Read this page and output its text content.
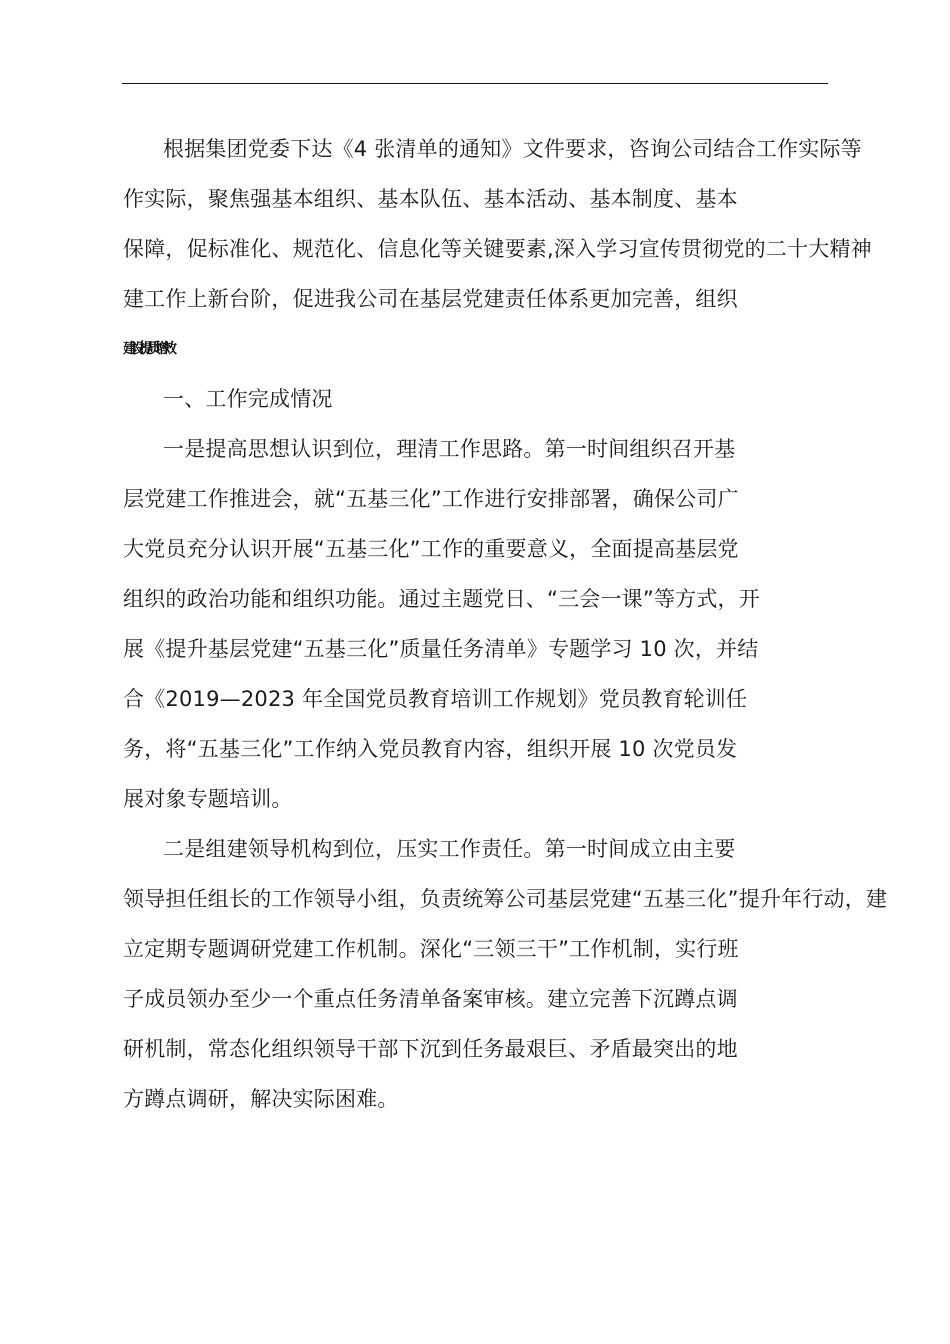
根据集团党委下达《4 张清单的通知》文件要求，咨询公司结合工作实际等
作实际，聚焦强基本组织、基本队伍、基本活动、基本制度、基本
保障，促标准化、规范化、信息化等关键要素,深入学习宣传贯彻党的二十大精神
建工作上新台阶，促进我公司在基层党建责任体系更加完善，组织
建设提质增效
一、工作完成情况
一是提高思想认识到位，理清工作思路。第一时间组织召开基
层党建工作推进会，就“五基三化”工作进行安排部署，确保公司广
大党员充分认识开展“五基三化”工作的重要意义，全面提高基层党
组织的政治功能和组织功能。通过主题党日、“三会一课”等方式，开
展《提升基层党建“五基三化”质量任务清单》专题学习 10 次，并结
合《2019—2023 年全国党员教育培训工作规划》党员教育轮训任
务，将“五基三化”工作纳入党员教育内容，组织开展 10 次党员发
展对象专题培训。
二是组建领导机构到位，压实工作责任。第一时间成立由主要
领导担任组长的工作领导小组，负责统筹公司基层党建“五基三化”提升年行动，建
立定期专题调研党建工作机制。深化“三领三干”工作机制，实行班
子成员领办至少一个重点任务清单备案审核。建立完善下沉蹲点调
研机制，常态化组织领导干部下沉到任务最艰巨、矛盾最突出的地
方蹲点调研，解决实际困难。
